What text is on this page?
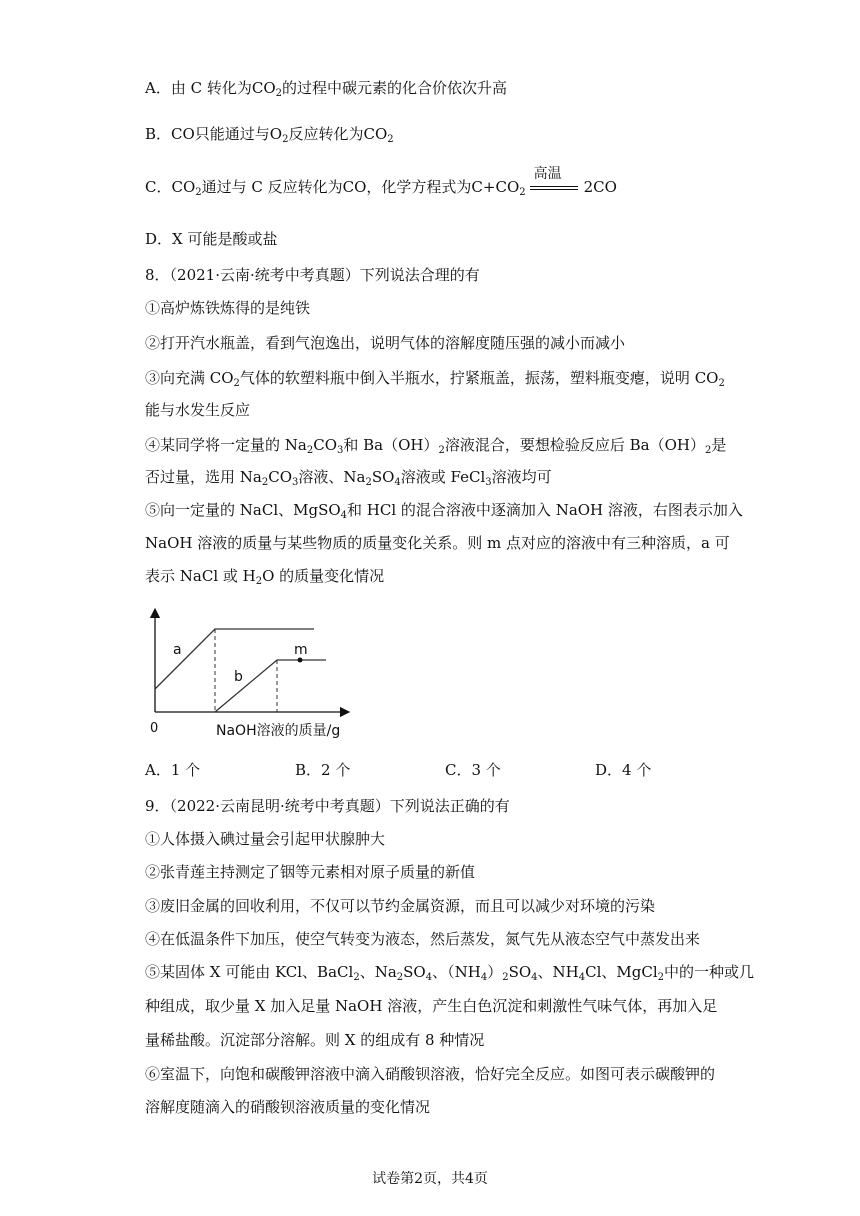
A．由 C 转化为$CO_2$的过程中碳元素的化合价依次升高
B．CO只能通过与$O_2$反应转化为$CO_2$
C．$CO_2$通过与 C 反应转化为CO，化学方程式为$C+CO_2$
高温
2CO
D．X 可能是酸或盐
8．（2021·云南·统考中考真题）下列说法合理的有
①高炉炼铁炼得的是纯铁
②打开汽水瓶盖，看到气泡逸出，说明气体的溶解度随压强的减小而减小
③向充满 $CO_2$气体的软塑料瓶中倒入半瓶水，拧紧瓶盖，振荡，塑料瓶变瘪，说明 $CO_2$
能与水发生反应
④某同学将一定量的 $Na_2CO_3$和 $Ba(OH)_2$溶液混合，要想检验反应后 $Ba(OH)_2$是
否过量，选用 $Na_2CO_3$溶液、$Na_2SO_4$溶液或 FeCl$_3$溶液均可
⑤向一定量的 NaCl、MgSO$_4$和 HCl 的混合溶液中逐滴加入 NaOH 溶液，右图表示加入
NaOH 溶液的质量与某些物质的质量变化关系。则 m 点对应的溶液中有三种溶质，a 可
表示 NaCl 或 $H_2O$ 的质量变化情况
a
b
m
0	NaOH溶液的质量/g
A．1 个	B．2 个	C．3 个	D．4 个
9．（2022·云南昆明·统考中考真题）下列说法正确的有
①人体摄入碘过量会引起甲状腺肿大
②张青莲主持测定了铟等元素相对原子质量的新值
③废旧金属的回收利用，不仅可以节约金属资源，而且可以减少对环境的污染
④在低温条件下加压，使空气转变为液态，然后蒸发，氮气先从液态空气中蒸发出来
⑤某固体 X 可能由 KCl、BaCl$_2$、$Na_2SO_4$、$(NH_4)_2SO_4$、$NH_4Cl$、MgCl$_2$中的一种或几
种组成，取少量 X 加入足量 NaOH 溶液，产生白色沉淀和刺激性气味气体，再加入足
量稀盐酸。沉淀部分溶解。则 X 的组成有 8 种情况
⑥室温下，向饱和碳酸钾溶液中滴入硝酸钡溶液，恰好完全反应。如图可表示碳酸钾的
溶解度随滴入的硝酸钡溶液质量的变化情况
试卷第2页，共4页
